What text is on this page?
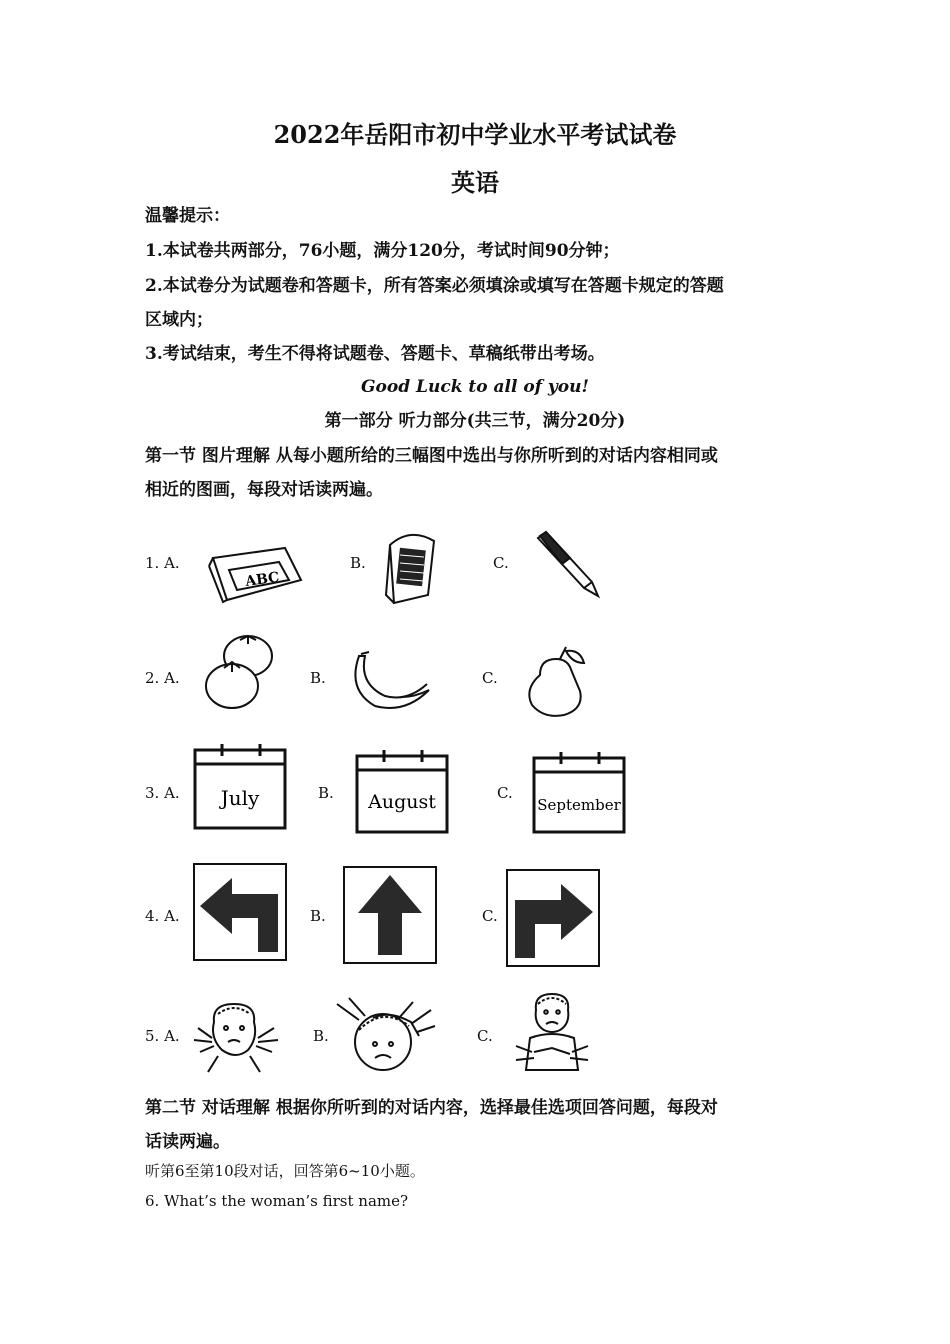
2022年岳阳市初中学业水平考试试卷
英语
温馨提示：
1.本试卷共两部分，76小题，满分120分，考试时间90分钟；
2.本试卷分为试题卷和答题卡，所有答案必须填涂或填写在答题卡规定的答题
区域内；
3.考试结束，考生不得将试题卷、答题卡、草稿纸带出考场。
Good Luck to all of you!
第一部分 听力部分(共三节，满分20分)
第一节 图片理解 从每小题所给的三幅图中选出与你所听到的对话内容相同或
相近的图画，每段对话读两遍。
1. A.
ABC
B.	C.
2. A.	B.	C.
3. A. July	B. August	C.
September
4. A.	B.	C.
5. A.	B.	C.
第二节 对话理解 根据你所听到的对话内容，选择最佳选项回答问题，每段对
话读两遍。
听第6至第10段对话，回答第6~10小题。
6. What’s the woman’s first name?
